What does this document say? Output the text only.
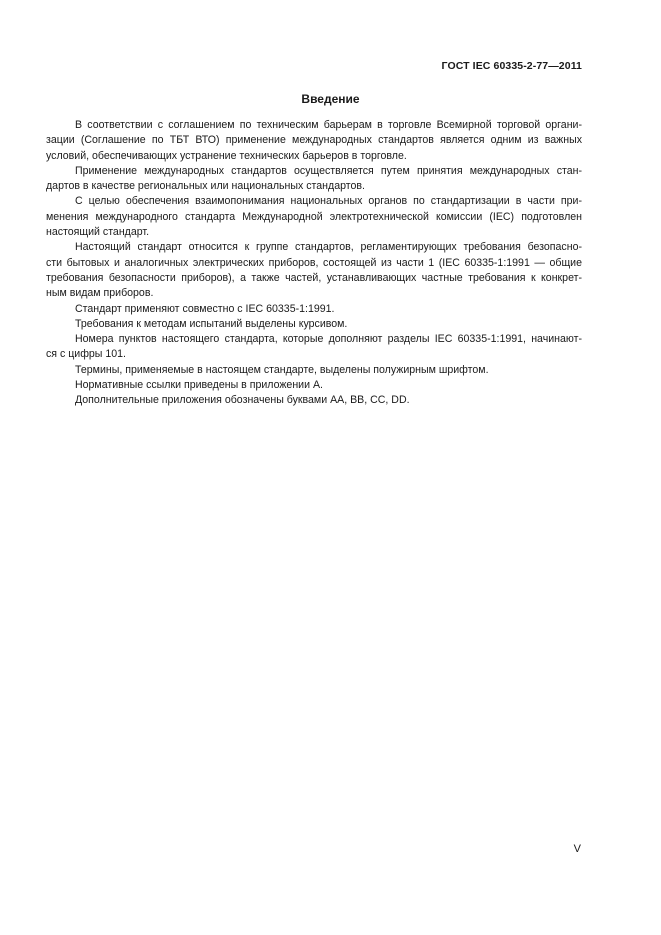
ГОСТ IEC 60335-2-77—2011
Введение
В соответствии с соглашением по техническим барьерам в торговле Всемирной торговой органи-
зации (Соглашение по ТБТ ВТО) применение международных стандартов является одним из важных
условий, обеспечивающих устранение технических барьеров в торговле.
Применение международных стандартов осуществляется путем принятия международных стан-
дартов в качестве региональных или национальных стандартов.
С целью обеспечения взаимопонимания национальных органов по стандартизации в части при-
менения международного стандарта Международной электротехнической комиссии (IEC) подготовлен
настоящий стандарт.
Настоящий стандарт относится к группе стандартов, регламентирующих требования безопасно-
сти бытовых и аналогичных электрических приборов, состоящей из части 1 (IEC 60335-1:1991 — общие
требования безопасности приборов), а также частей, устанавливающих частные требования к конкрет-
ным видам приборов.
Стандарт применяют совместно с IEC 60335-1:1991.
Требования к методам испытаний выделены курсивом.
Номера пунктов настоящего стандарта, которые дополняют разделы IEC 60335-1:1991, начинают-
ся с цифры 101.
Термины, применяемые в настоящем стандарте, выделены полужирным шрифтом.
Нормативные ссылки приведены в приложении А.
Дополнительные приложения обозначены буквами АА, ВВ, СС, DD.
V
